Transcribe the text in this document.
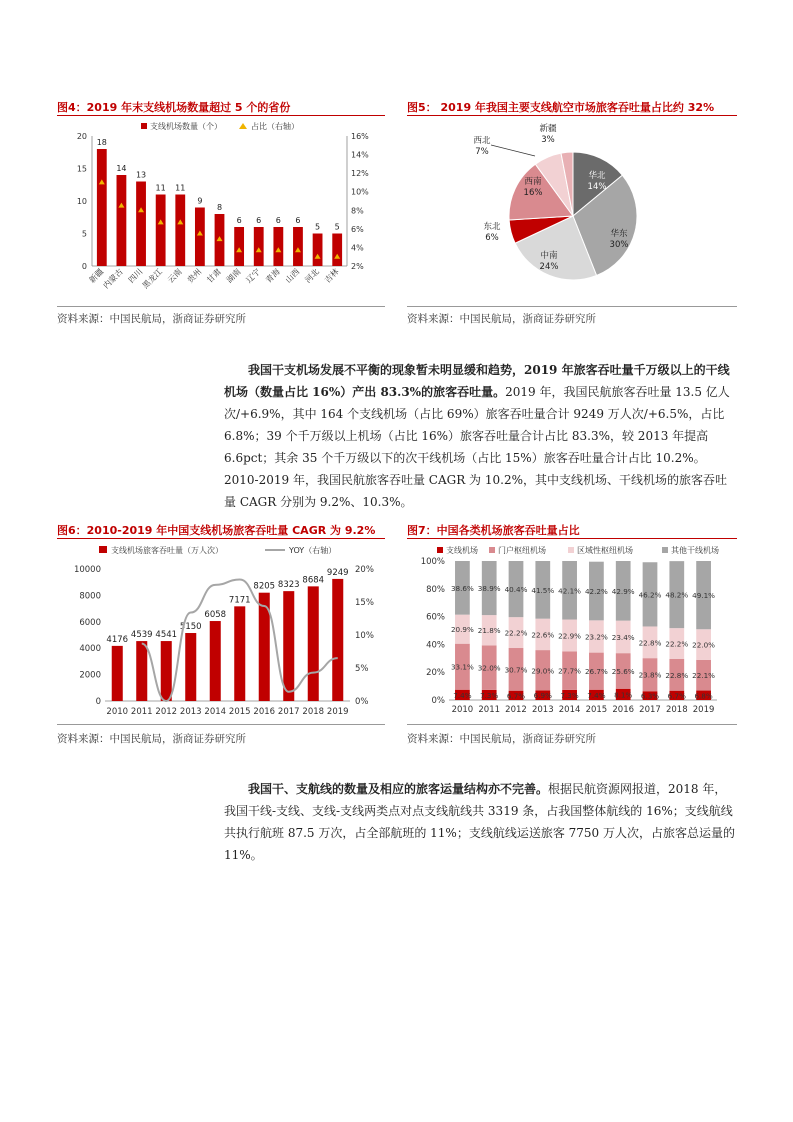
图4：2019 年末支线机场数量超过 5 个的省份
支线机场数量（个）	占比（右轴）
0
5
10
15
20
2%
4%
6%
8%
10%
12%
14%
16%
18
新疆
14
内蒙古
13
四川
11
黑龙江
11
云南
9
贵州
8
甘肃
6
湖南
6
辽宁
6
青海
6
山西
5
河北
5
吉林
资料来源：中国民航局，浙商证券研究所
图5： 2019 年我国主要支线航空市场旅客吞吐量占比约 32%
华北
14%
华东
30%
中南
24%
东北
6%
西南
16%
西北
7%
新疆
3%
资料来源：中国民航局，浙商证券研究所

我国干支机场发展不平衡的现象暂未明显缓和趋势，2019 年旅客吞吐量千万级以上的干线机场（数量占比 16%）产出 83.3%的旅客吞吐量。2019 年，我国民航旅客吞吐量 13.5 亿人次/+6.9%，其中 164 个支线机场（占比 69%）旅客吞吐量合计 9249 万人次/+6.5%，占比 6.8%；39 个千万级以上机场（占比 16%）旅客吞吐量合计占比 83.3%，较 2013 年提高 6.6pct；其余 35 个千万级以下的次干线机场（占比 15%）旅客吞吐量合计占比 10.2%。2010-2019 年，我国民航旅客吞吐量 CAGR 为 10.2%，其中支线机场、干线机场的旅客吞吐量 CAGR 分别为 9.2%、10.3%。

图6：2010-2019 年中国支线机场旅客吞吐量 CAGR 为 9.2%
支线机场旅客吞吐量（万人次）	YOY（右轴）
0
2000
4000
6000
8000
10000
0%
5%
10%
15%
20%
4176
2010
4539
2011
4541
2012
5150
2013
6058
2014
7171
2015
8205
2016
8323
2017
8684
2018
9249
2019
资料来源：中国民航局，浙商证券研究所
图7：中国各类机场旅客吞吐量占比
支线机场	门户枢纽机场	区域性枢纽机场	其他干线机场
0%
20%
40%
60%
80%
100%
7.4%
33.1%
20.9%
38.6%
2010
7.3%
32.0%
21.8%
38.9%
2011
6.7%
30.7%
22.2%
40.4%
2012
6.9%
29.0%
22.6%
41.5%
2013
7.3%
27.7%
22.9%
42.1%
2014
7.4%
26.7%
23.2%
42.2%
2015
8.1%
25.6%
23.4%
42.9%
2016
6.3%
23.8%
22.8%
46.2%
2017
6.7%
22.8%
22.2%
48.2%
2018
6.8%
22.1%
22.0%
49.1%
2019
资料来源：中国民航局，浙商证券研究所

我国干、支航线的数量及相应的旅客运量结构亦不完善。根据民航资源网报道，2018 年，我国干线-支线、支线-支线两类点对点支线航线共 3319 条，占我国整体航线的 16%；支线航线共执行航班 87.5 万次，占全部航班的 11%；支线航线运送旅客 7750 万人次，占旅客总运量的 11%。
